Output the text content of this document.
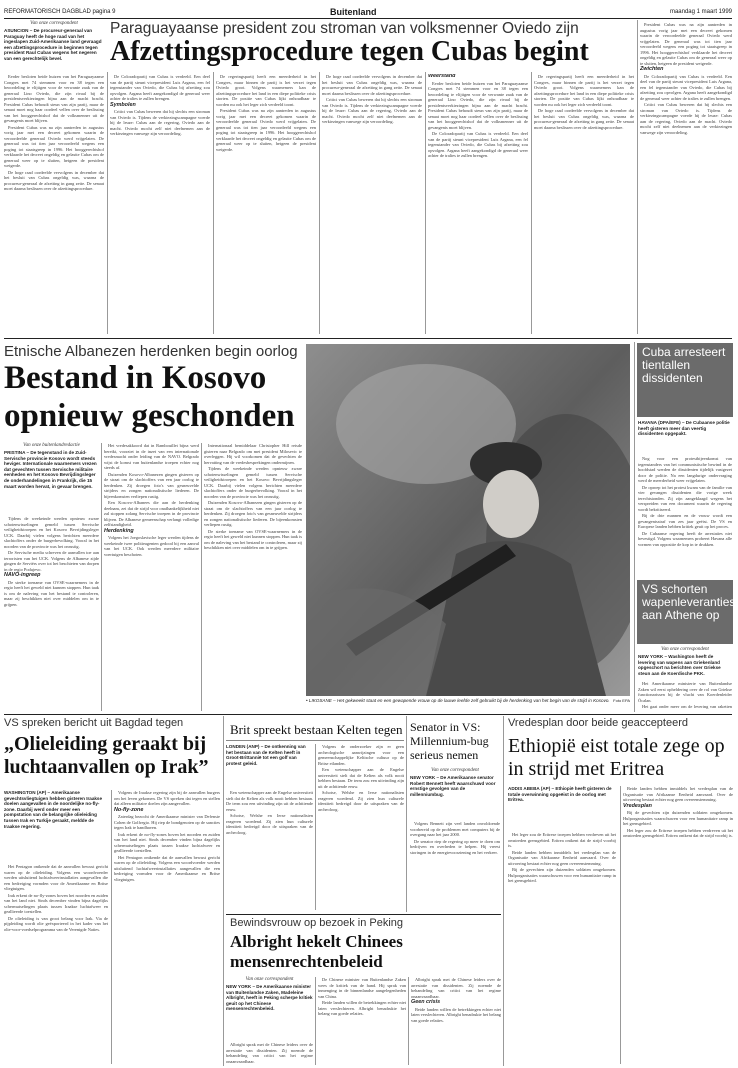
REFORMATORISCH DAGBLAD pagina 9	Buitenland	maandag 1 maart 1999
Van onze correspondent
ASUNCION – De procureur-generaal van Paraguay heeft de hoge raad van het ingeslapen Zuid-Amerikaanse land gevraagd een afzettingsprocedure in beginnen tegen president Raul Cubas wegens het negeren van een gerechtelijk bevel.
Paraguayaanse president zou stroman van volksmenner Oviedo zijn
Afzettingsprocedure tegen Cubas begint

Eerder besloten beide huizen van het Paraguayaanse Congres met 74 stemmen voor en 38 tegen een beoordeling te vlijtigen voor de verwante zaak van de generaal Lino Oviedo, die zijn rivaal bij de presidentsverkiezingen bijna aan de macht bracht. President Cubas behoudt steun van zijn partij, maar de senaat moet nog haar oordeel vellen over de beslissing van het hooggerechtshof dat de volksmenner uit de gevangenis moet blijven.

President Cubas was na zijn aantreden in augustus vorig jaar met een decreet gekomen waarin de veroordeelde generaal Oviedo werd vrijgelaten. De generaal was tot tien jaar veroordeeld wegens een poging tot staatsgreep in 1996. Het hooggerechtshof verklaarde het decreet ongeldig en gelastte Cubas om de generaal weer op te sluiten, hetgeen de president weigerde.

De hoge raad oordeelde vervolgens in december dat het besluit van Cubas ongeldig was, waarna de procureur-generaal de afzetting in gang zette. De senaat moet daarna beslissen over de afzettingsprocedure.

De Coloradopartij van Cubas is verdeeld. Een deel van de partij steunt vicepresident Luis Argana, een fel tegenstander van Oviedo, die Cubas bij afzetting zou opvolgen. Argana heeft aangekondigd de generaal weer achter de tralies te zullen brengen.

Symbolen

Critici van Cubas beweren dat hij slechts een stroman van Oviedo is. Tijdens de verkiezingscampagne voerde hij de leuze: Cubas aan de regering, Oviedo aan de macht. Oviedo mocht zelf niet deelnemen aan de verkiezingen vanwege zijn veroordeling.

De regeringspartij heeft een meerderheid in het Congres, maar binnen de partij is het verzet tegen Oviedo groot. Volgens waarnemers kan de afzettingsprocedure het land in een diepe politieke crisis storten. De positie van Cubas lijkt onhoudbaar te worden nu ook het leger zich verdeeld toont.

President Cubas was na zijn aantreden in augustus vorig jaar met een decreet gekomen waarin de veroordeelde generaal Oviedo werd vrijgelaten. De generaal was tot tien jaar veroordeeld wegens een poging tot staatsgreep in 1996. Het hooggerechtshof verklaarde het decreet ongeldig en gelastte Cubas om de generaal weer op te sluiten, hetgeen de president weigerde.

De hoge raad oordeelde vervolgens in december dat het besluit van Cubas ongeldig was, waarna de procureur-generaal de afzetting in gang zette. De senaat moet daarna beslissen over de afzettingsprocedure.

Critici van Cubas beweren dat hij slechts een stroman van Oviedo is. Tijdens de verkiezingscampagne voerde hij de leuze: Cubas aan de regering, Oviedo aan de macht. Oviedo mocht zelf niet deelnemen aan de verkiezingen vanwege zijn veroordeling.

Weerstand

Eerder besloten beide huizen van het Paraguayaanse Congres met 74 stemmen voor en 38 tegen een beoordeling te vlijtigen voor de verwante zaak van de generaal Lino Oviedo, die zijn rivaal bij de presidentsverkiezingen bijna aan de macht bracht. President Cubas behoudt steun van zijn partij, maar de senaat moet nog haar oordeel vellen over de beslissing van het hooggerechtshof dat de volksmenner uit de gevangenis moet blijven.

De Coloradopartij van Cubas is verdeeld. Een deel van de partij steunt vicepresident Luis Argana, een fel tegenstander van Oviedo, die Cubas bij afzetting zou opvolgen. Argana heeft aangekondigd de generaal weer achter de tralies te zullen brengen.

De regeringspartij heeft een meerderheid in het Congres, maar binnen de partij is het verzet tegen Oviedo groot. Volgens waarnemers kan de afzettingsprocedure het land in een diepe politieke crisis storten. De positie van Cubas lijkt onhoudbaar te worden nu ook het leger zich verdeeld toont.

De hoge raad oordeelde vervolgens in december dat het besluit van Cubas ongeldig was, waarna de procureur-generaal de afzetting in gang zette. De senaat moet daarna beslissen over de afzettingsprocedure.

President Cubas was na zijn aantreden in augustus vorig jaar met een decreet gekomen waarin de veroordeelde generaal Oviedo werd vrijgelaten. De generaal was tot tien jaar veroordeeld wegens een poging tot staatsgreep in 1996. Het hooggerechtshof verklaarde het decreet ongeldig en gelastte Cubas om de generaal weer op te sluiten, hetgeen de president weigerde.

Zwichten

De Coloradopartij van Cubas is verdeeld. Een deel van de partij steunt vicepresident Luis Argana, een fel tegenstander van Oviedo, die Cubas bij afzetting zou opvolgen. Argana heeft aangekondigd de generaal weer achter de tralies te zullen brengen.

Critici van Cubas beweren dat hij slechts een stroman van Oviedo is. Tijdens de verkiezingscampagne voerde hij de leuze: Cubas aan de regering, Oviedo aan de macht. Oviedo mocht zelf niet deelnemen aan de verkiezingen vanwege zijn veroordeling.

Etnische Albanezen herdenken begin oorlog
Bestand in Kosovo
opnieuw geschonden
• LIKOSANE – Het gekweekt staat en een gewapende vrouw op de lauwe leefde zelf gebruikt bij de herdenking van het begin van de strijd in Kosovo. Foto EPA
Van onze buitenlandredactie
PRISTINA – De tegenstand in de Zuid-Servische provincie Kosovo wordt steeds heviger. Internationale waarnemers vrezen dat gevechten tussen Servische militaire eenheden en het Kosovo Bevrijdingsleger de onderhandelingen in Frankrijk, die 15 maart worden hervat, in gevaar brengen.

Tijdens de weekeinde werden opnieuw zware schotenwisselingen gemeld tussen Servische veiligheidstroepen en het Kosovo Bevrijdingsleger UCK. Daarbij vielen volgens berichten meerdere slachtoffers onder de burgerbevolking. Vooral in het noorden van de provincie was het onrustig.

De Servische media schreven de aanvallen toe aan terroristen van het UCK. Volgens de Albanese zijde gingen de Serviërs over tot het beschieten van dorpen in de regio Podujevo.

NAVO-ingreep

De sterke toename van OVSE-waarnemers in de regio heeft het geweld niet kunnen stoppen. Hun taak is om de naleving van het bestand te controleren, maar zij beschikken niet over middelen om in te grijpen.

Het vredesakkoord dat in Rambouillet bijna werd bereikt, voorziet in de inzet van een internationale vredesmacht onder leiding van de NAVO. Belgrado wijst de komst van buitenlandse troepen echter nog steeds af.

Duizenden Kosovo-Albanezen gingen gisteren op de straat om de slachtoffers van een jaar oorlog te herdenken. Zij droegen foto's van gesneuvelde strijders en zongen nationalistische liederen. De bijeenkomsten verliepen rustig.

Een Kosovo-Albanees die aan de herdenking deelnam, zei dat de strijd voor onafhankelijkheid niet zal stoppen zolang Servische troepen in de provincie blijven. De Albanese gemeenschap verlangt volledige zelfstandigheid.

Herdenking

Volgens het Joegoslavische leger werden tijdens de weekeinde twee politieagenten gedood bij een aanval van het UCK. Ook werden meerdere militaire voertuigen beschoten.

Internationaal bemiddelaar Christopher Hill reisde gisteren naar Belgrado om met president Milosevic te overleggen. Hij wil voorkomen dat de gevechten de hervatting van de vredesbesprekingen ondermijnen.

Tijdens de weekeinde werden opnieuw zware schotenwisselingen gemeld tussen Servische veiligheidstroepen en het Kosovo Bevrijdingsleger UCK. Daarbij vielen volgens berichten meerdere slachtoffers onder de burgerbevolking. Vooral in het noorden van de provincie was het onrustig.

Duizenden Kosovo-Albanezen gingen gisteren op de straat om de slachtoffers van een jaar oorlog te herdenken. Zij droegen foto's van gesneuvelde strijders en zongen nationalistische liederen. De bijeenkomsten verliepen rustig.

De sterke toename van OVSE-waarnemers in de regio heeft het geweld niet kunnen stoppen. Hun taak is om de naleving van het bestand te controleren, maar zij beschikken niet over middelen om in te grijpen.

Cuba arresteert tientallen dissidenten
HAVANA (DPA/EFE) – De Cubaanse politie heeft gisteren meer dan veertig dissidenten opgepakt.

Nog voor een protestbijeenkomst van tegenstanders van het communistische bewind in de hoofdstad werden de dissidenten tijdelijk vastgezet door de politie. Na een langdurige ondervraging werd de meerderheid weer vrijgelaten.

De oproep tot het protest kwam van de familie van vier gevangen dissidenten die vorige week terechtstonden. Zij zijn aangeklaagd wegens het verspreiden van een document waarin de regering wordt bekritiseerd.

Bij de drie mannen en de vrouw wordt een gevangenisstraf van zes jaar geëist. De VS en Europese landen hebben kritiek geuit op het proces.

De Cubaanse regering heeft de arrestaties niet bevestigd. Volgens waarnemers probeert Havana alle vormen van oppositie de kop in te drukken.

VS schorten wapenleveranties aan Athene op
Van onze correspondent
NEW YORK – Washington heeft de levering van wapens aan Griekenland opgeschort na berichten over Griekse steun aan de Koerdische PKK.

Het Amerikaanse ministerie van Buitenlandse Zaken wil eerst opheldering over de rol van Griekse functionarissen bij de vlucht van Koerdenleider Öcalan.

Het gaat onder meer om de levering van raketten

VS spreken bericht uit Bagdad tegen
„Olieleiding geraakt bij luchtaanvallen op Irak”
WASHINGTON (AP) – Amerikaanse gevechtsvliegtuigen hebben gisteren Iraakse doelen aangevallen in de noordelijke no-fly-zone. Daarbij werd onder meer een pompstation van de belangrijke olieleiding tussen Irak en Turkije geraakt, meldde de Iraakse regering.

Het Pentagon ontkende dat de aanvallen bewust gericht waren op de olieleiding. Volgens een woordvoerder werden uitsluitend luchtafweerinstallaties aangevallen die een bedreiging vormden voor de Amerikaanse en Britse vliegtuigen.

Irak erkent de no-fly-zones boven het noorden en zuiden van het land niet. Sinds december vinden bijna dagelijks schermutselingen plaats tussen Iraakse luchtafweer en geallieerde toestellen.

De olieleiding is van groot belang voor Irak. Via de pijpleiding wordt olie geëxporteerd in het kader van het olie-voor-voedselprogramma van de Verenigde Naties.

Volgens de Iraakse regering zijn bij de aanvallen burgers om het leven gekomen. De VS spreken dat tegen en stellen dat alleen militaire doelen zijn aangevallen.

No-fly-zone

Zaterdag bezocht de Amerikaanse minister van Defensie Cohen de Golfregio. Hij riep de bondgenoten op de sancties tegen Irak te handhaven.

Irak erkent de no-fly-zones boven het noorden en zuiden van het land niet. Sinds december vinden bijna dagelijks schermutselingen plaats tussen Iraakse luchtafweer en geallieerde toestellen.

Het Pentagon ontkende dat de aanvallen bewust gericht waren op de olieleiding. Volgens een woordvoerder werden uitsluitend luchtafweerinstallaties aangevallen die een bedreiging vormden voor de Amerikaanse en Britse vliegtuigen.

Brit spreekt bestaan Kelten tegen
LONDEN (ANP) – De ontkenning van het bestaan van de Kelten heeft in Groot-Brittannië tot een golf van protest geleid.

Een wetenschapper aan de Engelse universiteit stelt dat de Kelten als volk nooit hebben bestaan. De term zou een uitvinding zijn uit de achttiende eeuw.

Schotse, Welshe en Ierse nationalisten reageren woedend. Zij zien hun culturele identiteit bedreigd door de uitspraken van de archeoloog.

Volgens de onderzoeker zijn er geen archeologische aanwijzingen voor een gemeenschappelijke Keltische cultuur op de Britse eilanden.

Een wetenschapper aan de Engelse universiteit stelt dat de Kelten als volk nooit hebben bestaan. De term zou een uitvinding zijn uit de achttiende eeuw.

Schotse, Welshe en Ierse nationalisten reageren woedend. Zij zien hun culturele identiteit bedreigd door de uitspraken van de archeoloog.

Senator in VS: Millennium-bug serieus nemen
Van onze correspondent
NEW YORK – De Amerikaanse senator Robert Bennett heeft waarschuwd voor ernstige gevolgen van de millenniumbug.

Volgens Bennett zijn veel landen onvoldoende voorbereid op de problemen met computers bij de overgang naar het jaar 2000.

De senator riep de regering op meer te doen om bedrijven en overheden te helpen. Hij vreest storingen in de energievoorziening en het verkeer.

Vredesplan door beide geaccepteerd
Ethiopië eist totale zege op in strijd met Eritrea
ADDIS ABEBA (AP) – Ethiopië heeft gisteren de totale overwinning opgeëist in de oorlog met Eritrea.

Het leger zou de Eritrese troepen hebben verdreven uit het omstreden grensgebied. Eritrea ontkent dat de strijd voorbij is.

Beide landen hebben inmiddels het vredesplan van de Organisatie van Afrikaanse Eenheid aanvaard. Over de uitvoering bestaat echter nog geen overeenstemming.

Bij de gevechten zijn duizenden soldaten omgekomen. Hulporganisaties waarschuwen voor een humanitaire ramp in het grensgebied.

Beide landen hebben inmiddels het vredesplan van de Organisatie van Afrikaanse Eenheid aanvaard. Over de uitvoering bestaat echter nog geen overeenstemming.

Vredesplan

Bij de gevechten zijn duizenden soldaten omgekomen. Hulporganisaties waarschuwen voor een humanitaire ramp in het grensgebied.

Het leger zou de Eritrese troepen hebben verdreven uit het omstreden grensgebied. Eritrea ontkent dat de strijd voorbij is.

Bewindsvrouw op bezoek in Peking
Albright hekelt Chinees mensenrechtenbeleid
Van onze correspondent
NEW YORK – De Amerikaanse minister van Buitenlandse Zaken, Madeleine Albright, heeft in Peking scherpe kritiek geuit op het Chinese mensenrechtenbeleid.

Albright sprak met de Chinese leiders over de arrestatie van dissidenten. Zij noemde de behandeling van critici van het regime onaanvaardbaar.

De Chinese minister van Buitenlandse Zaken wees de kritiek van de hand. Hij sprak van inmenging in de binnenlandse aangelegenheden van China.

Beide landen willen de betrekkingen echter niet laten verslechteren. Albright benadrukte het belang van goede relaties.

Albright sprak met de Chinese leiders over de arrestatie van dissidenten. Zij noemde de behandeling van critici van het regime onaanvaardbaar.

Geen crisis

Beide landen willen de betrekkingen echter niet laten verslechteren. Albright benadrukte het belang van goede relaties.
